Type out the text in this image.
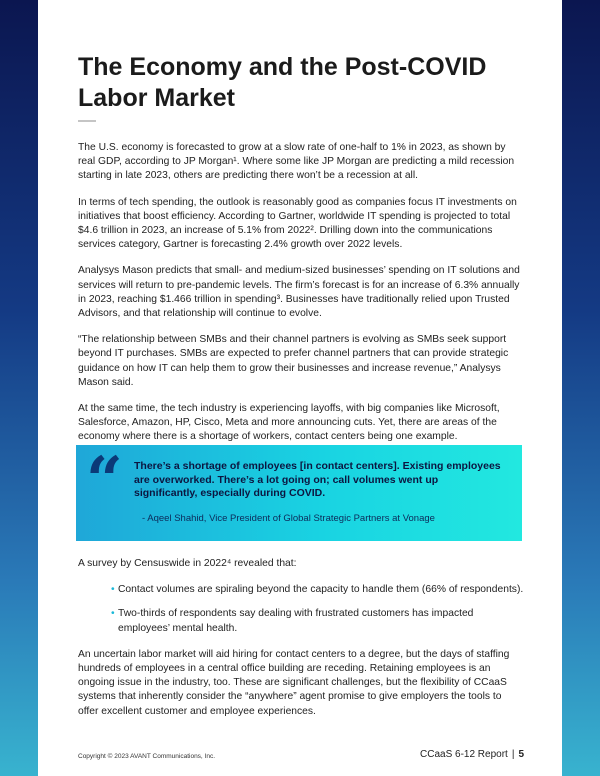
The Economy and the Post-COVID
Labor Market

The U.S. economy is forecasted to grow at a slow rate of one-half to 1% in 2023, as shown by real GDP, according to JP Morgan¹. Where some like JP Morgan are predicting a mild recession starting in late 2023, others are predicting there won’t be a recession at all.

In terms of tech spending, the outlook is reasonably good as companies focus IT investments on initiatives that boost efficiency. According to Gartner, worldwide IT spending is projected to total $4.6 trillion in 2023, an increase of 5.1% from 2022². Drilling down into the communications services category, Gartner is forecasting 2.4% growth over 2022 levels.

Analysys Mason predicts that small- and medium-sized businesses’ spending on IT solutions and services will return to pre-pandemic levels. The firm’s forecast is for an increase of 6.3% annually in 2023, reaching $1.466 trillion in spending³. Businesses have traditionally relied upon Trusted Advisors, and that relationship will continue to evolve.

“The relationship between SMBs and their channel partners is evolving as SMBs seek support beyond IT purchases. SMBs are expected to prefer channel partners that can provide strategic guidance on how IT can help them to grow their businesses and increase revenue,” Analysys Mason said.

At the same time, the tech industry is experiencing layoffs, with big companies like Microsoft, Salesforce, Amazon, HP, Cisco, Meta and more announcing cuts. Yet, there are areas of the economy where there is a shortage of workers, contact centers being one example.

“ There’s a shortage of employees [in contact centers]. Existing employees are overworked. There’s a lot going on; call volumes went up significantly, especially during COVID.
- Aqeel Shahid, Vice President of Global Strategic Partners at Vonage

A survey by Censuswide in 2022⁴ revealed that:

• Contact volumes are spiraling beyond the capacity to handle them (66% of respondents).
• Two-thirds of respondents say dealing with frustrated customers has impacted employees’ mental health.

An uncertain labor market will aid hiring for contact centers to a degree, but the days of staffing hundreds of employees in a central office building are receding. Retaining employees is an ongoing issue in the industry, too. These are significant challenges, but the flexibility of CCaaS systems that inherently consider the “anywhere” agent promise to give employers the tools to offer excellent customer and employee experiences.

Copyright © 2023 AVANT Communications, Inc.	CCaaS 6-12 Report | 5
